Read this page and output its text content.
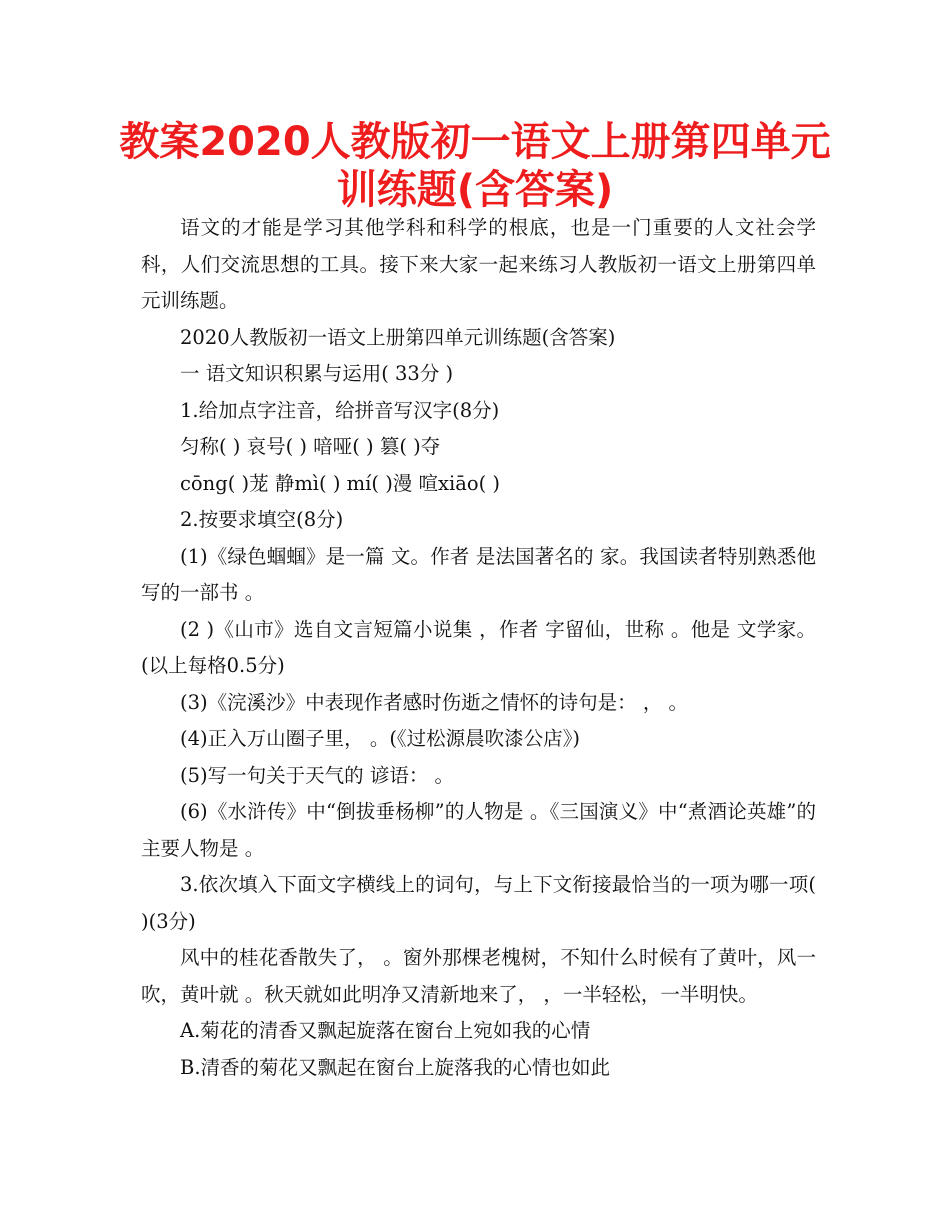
教案2020人教版初一语文上册第四单元训练题(含答案)

语文的才能是学习其他学科和科学的根底，也是一门重要的人文社会学科，人们交流思想的工具。接下来大家一起来练习人教版初一语文上册第四单元训练题。

2020人教版初一语文上册第四单元训练题(含答案)

一 语文知识积累与运用( 33分 )

1.给加点字注音，给拼音写汉字(8分)

匀称( ) 哀号( ) 喑哑( ) 篡( )夺

cōng( )茏 静mì( ) mí( )漫 喧xiāo( )

2.按要求填空(8分)

(1)《绿色蝈蝈》是一篇 文。作者 是法国著名的 家。我国读者特别熟悉他写的一部书 。

(2 )《山市》选自文言短篇小说集 ，作者 字留仙，世称 。他是 文学家。(以上每格0.5分)

(3)《浣溪沙》中表现作者感时伤逝之情怀的诗句是： ， 。

(4)正入万山圈子里， 。(《过松源晨吹漆公店》)

(5)写一句关于天气的 谚语： 。

(6)《水浒传》中“倒拔垂杨柳”的人物是 。《三国演义》中“煮酒论英雄”的主要人物是 。

3.依次填入下面文字横线上的词句，与上下文衔接最恰当的一项为哪一项( )(3分)

风中的桂花香散失了， 。窗外那棵老槐树，不知什么时候有了黄叶，风一吹，黄叶就 。秋天就如此明净又清新地来了， ，一半轻松，一半明快。

A.菊花的清香又飘起旋落在窗台上宛如我的心情

B.清香的菊花又飘起在窗台上旋落我的心情也如此
